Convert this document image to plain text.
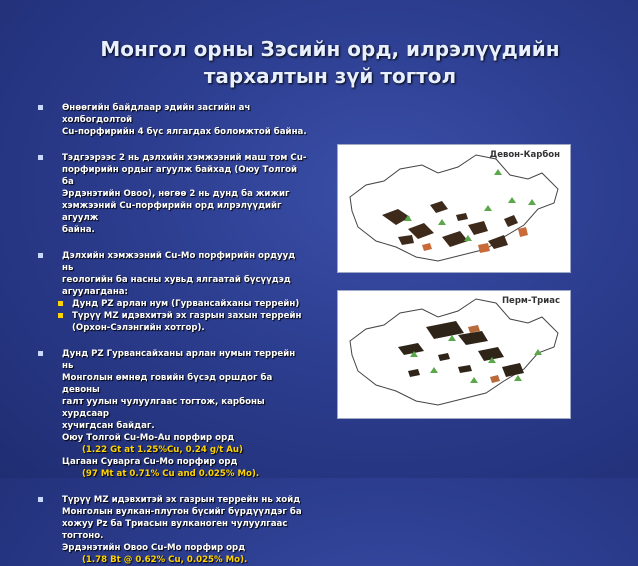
Монгол орны Зэсийн орд, илрэлүүдийн
тархалтын зүй тогтол
Өнөөгийн байдлаар эдийн засгийн ач холбогдолтой
Cu-порфирийн 4 бүс ялгагдах боломжтой байна.
Тэдгээрээс 2 нь дэлхийн хэмжээний маш том Cu-
порфирийн ордыг агуулж байхад (Оюу Толгой ба
Эрдэнэтийн Овоо), нөгөө 2 нь дунд ба жижиг
хэмжээний Cu-порфирийн орд илрэлүүдийг агуулж
байна.
Дэлхийн хэмжээний Cu-Mo порфирийн ордууд нь
геологийн ба насны хувьд ялгаатай бүсүүдэд
агуулагдана:
Дунд PZ арлан нум (Гурвансайханы террейн)
Түрүү MZ идэвхитэй эх газрын захын террейн
(Орхон-Сэлэнгийн хотгор).
Дунд PZ Гурвансайханы арлан нумын террейн нь
Монголын өмнөд говийн бүсэд оршдог ба девоны
галт уулын чулуулгаас тогтож, карбоны хурдсаар
хучигдсан байдаг.
Оюу Толгой Cu-Mo-Au порфир орд
(1.22 Gt at 1.25%Cu, 0.24 g/t Au)
Цагаан Суварга Cu-Mo порфир орд
(97 Mt at 0.71% Cu and 0.025% Mo).
Түрүү MZ идэвхитэй эх газрын террейн нь хойд
Монголын вулкан-плутон бүсийг бүрдүүлдэг ба
хожуу Pz ба Триасын вулканоген чулуулгаас
тогтоно.
Эрдэнэтийн Овоо Cu-Mo порфир орд
(1.78 Bt @ 0.62% Cu, 0.025% Mo).
Девон-Карбон
Перм-Триас
